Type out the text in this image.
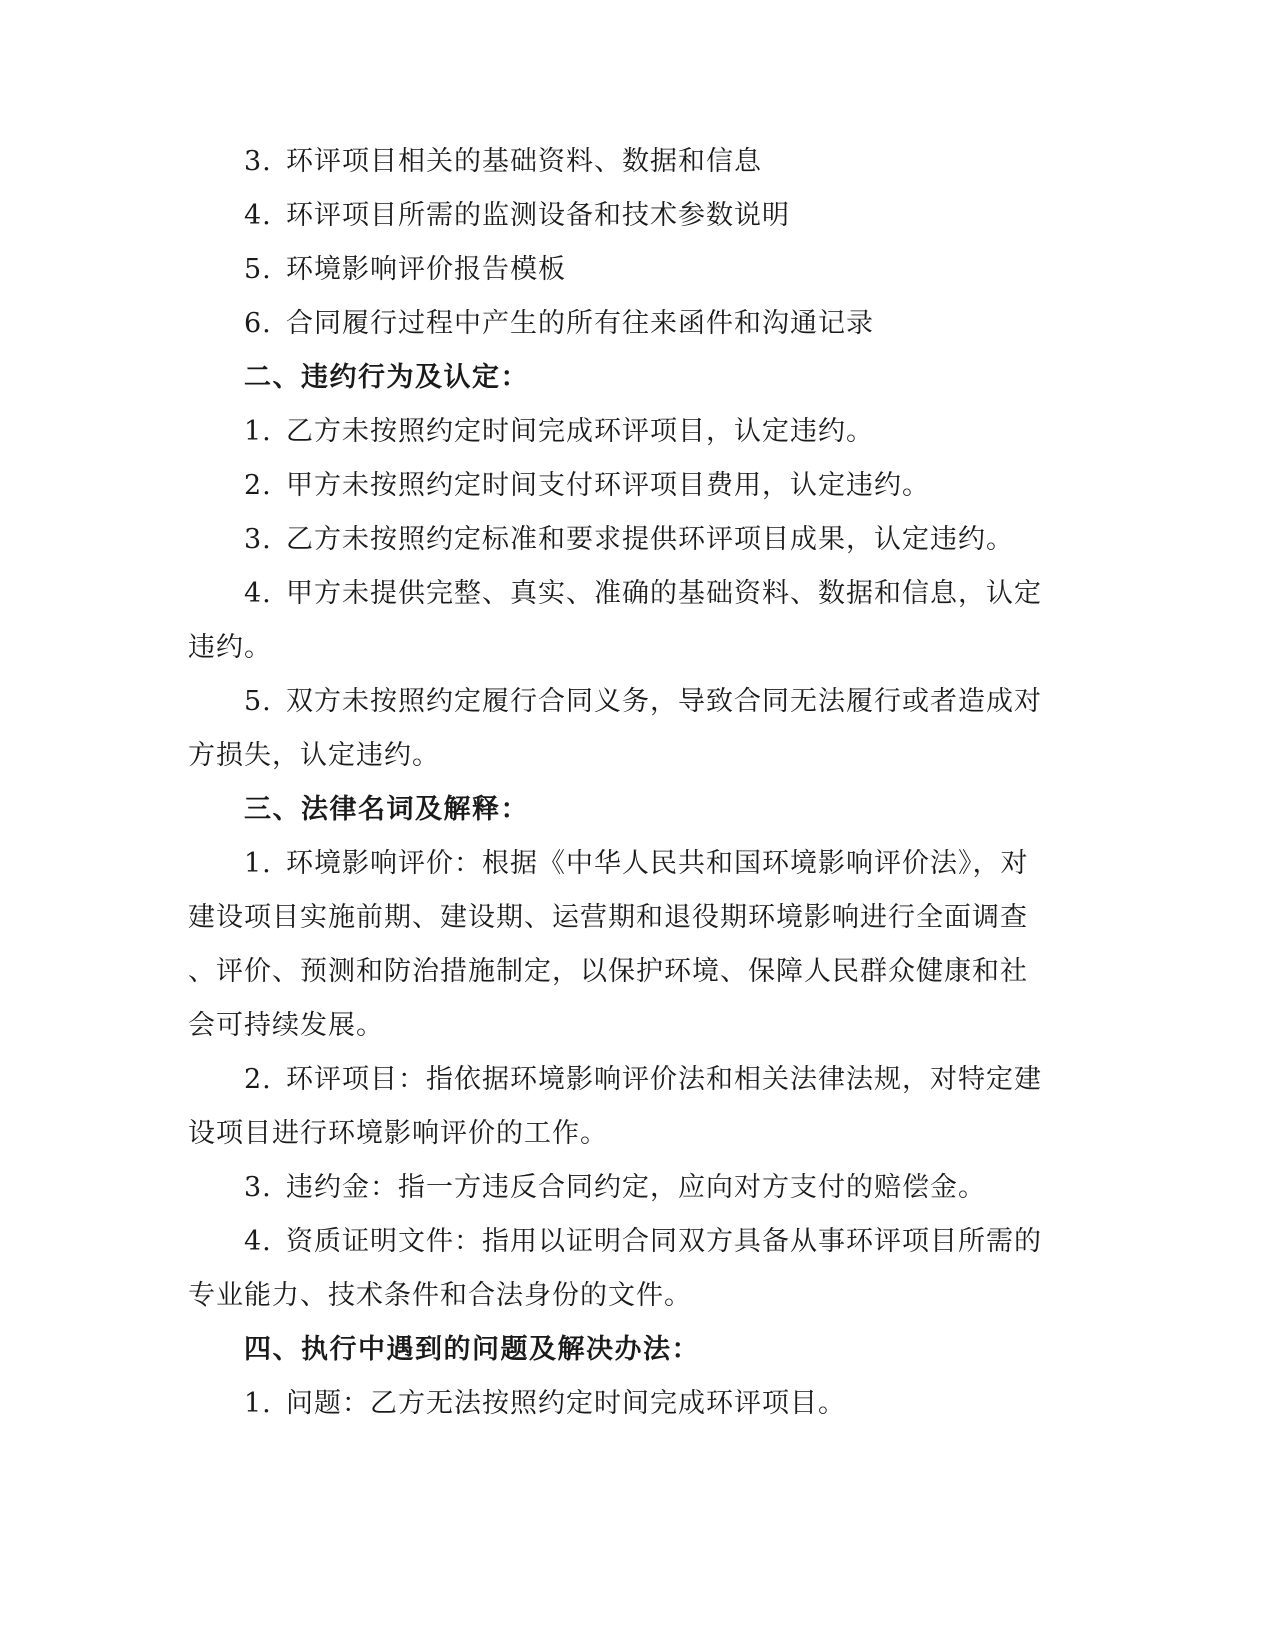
3. 环评项目相关的基础资料、数据和信息
4. 环评项目所需的监测设备和技术参数说明
5. 环境影响评价报告模板
6. 合同履行过程中产生的所有往来函件和沟通记录
二、违约行为及认定：
1. 乙方未按照约定时间完成环评项目，认定违约。
2. 甲方未按照约定时间支付环评项目费用，认定违约。
3. 乙方未按照约定标准和要求提供环评项目成果，认定违约。
4. 甲方未提供完整、真实、准确的基础资料、数据和信息，认定
违约。
5. 双方未按照约定履行合同义务，导致合同无法履行或者造成对
方损失，认定违约。
三、法律名词及解释：
1. 环境影响评价：根据《中华人民共和国环境影响评价法》，对
建设项目实施前期、建设期、运营期和退役期环境影响进行全面调查
、评价、预测和防治措施制定，以保护环境、保障人民群众健康和社
会可持续发展。
2. 环评项目：指依据环境影响评价法和相关法律法规，对特定建
设项目进行环境影响评价的工作。
3. 违约金：指一方违反合同约定，应向对方支付的赔偿金。
4. 资质证明文件：指用以证明合同双方具备从事环评项目所需的
专业能力、技术条件和合法身份的文件。
四、执行中遇到的问题及解决办法：
1. 问题：乙方无法按照约定时间完成环评项目。
